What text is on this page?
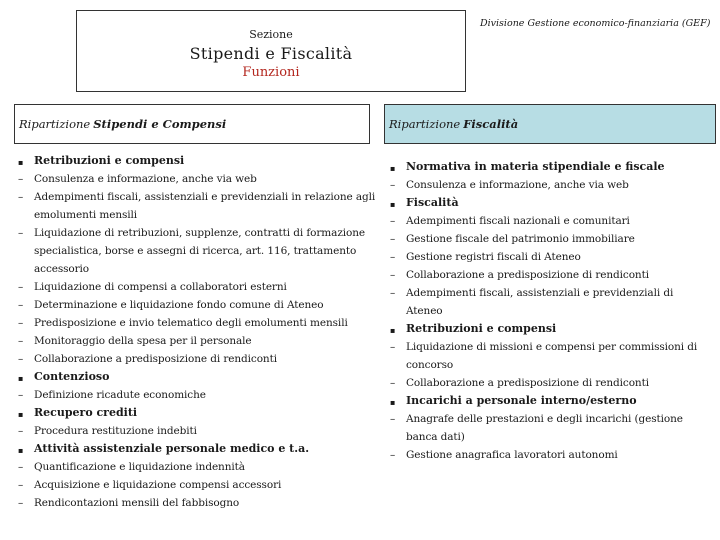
Sezione
Stipendi e Fiscalità
Funzioni
Divisione Gestione economico-finanziaria (GEF)
Ripartizione Stipendi e Compensi	Ripartizione Fiscalità
▪ Retribuzioni e compensi
–	Consulenza e informazione, anche via web
–	Adempimenti fiscali, assistenziali e previdenziali in relazione agli emolumenti mensili
–	Liquidazione di retribuzioni, supplenze, contratti di formazione specialistica, borse e assegni di ricerca, art. 116, trattamento accessorio
–	Liquidazione di compensi a collaboratori esterni
–	Determinazione e liquidazione fondo comune di Ateneo
–	Predisposizione e invio telematico degli emolumenti mensili
–	Monitoraggio della spesa per il personale
–	Collaborazione a predisposizione di rendiconti
▪ Contenzioso
–	Definizione ricadute economiche
▪ Recupero crediti
–	Procedura restituzione indebiti
▪ Attività assistenziale personale medico e t.a.
–	Quantificazione e liquidazione indennità
–	Acquisizione e liquidazione compensi accessori
–	Rendicontazioni mensili del fabbisogno
▪ Normativa in materia stipendiale e fiscale
–	Consulenza e informazione, anche via web
▪ Fiscalità
–	Adempimenti fiscali nazionali e comunitari
–	Gestione fiscale del patrimonio immobiliare
–	Gestione registri fiscali di Ateneo
–	Collaborazione a predisposizione di rendiconti
–	Adempimenti fiscali, assistenziali e previdenziali di Ateneo
▪ Retribuzioni e compensi
–	Liquidazione di missioni e compensi per commissioni di concorso
–	Collaborazione a predisposizione di rendiconti
▪ Incarichi a personale interno/esterno
–	Anagrafe delle prestazioni e degli incarichi (gestione banca dati)
–	Gestione anagrafica lavoratori autonomi
